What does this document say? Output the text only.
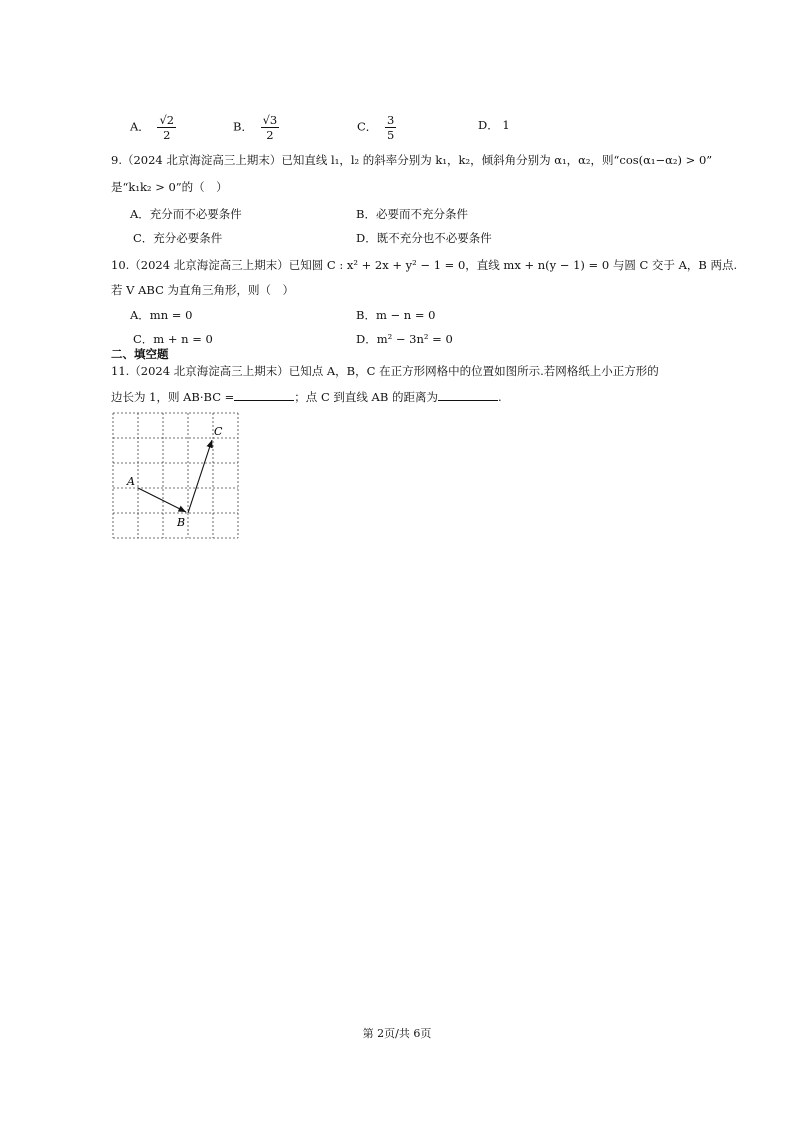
A． $\frac{√2}{2}$	B． $\frac{√3}{2}$	C． $\frac{3}{5}$	D． 1
9.（2024 北京海淀高三上期末）已知直线 l₁，l₂ 的斜率分别为 k₁，k₂，倾斜角分别为 α₁，α₂，则“cos(α₁−α₂) > 0”
是“k₁k₂ > 0”的（　）
A．充分而不必要条件	B．必要而不充分条件
C．充分必要条件	D．既不充分也不必要条件
10.（2024 北京海淀高三上期末）已知圆 C : x² + 2x + y² − 1 = 0，直线 mx + n(y − 1) = 0 与圆 C 交于 A，B 两点.
若 V ABC 为直角三角形，则（　）
A．mn = 0	B．m − n = 0
C．m + n = 0	D．m² − 3n² = 0
二、填空题
11.（2024 北京海淀高三上期末）已知点 A，B，C 在正方形网格中的位置如图所示.若网格纸上小正方形的
边长为 1，则 AB·BC =	；点 C 到直线 AB 的距离为	.
A
B
C
第 2页/共 6页
